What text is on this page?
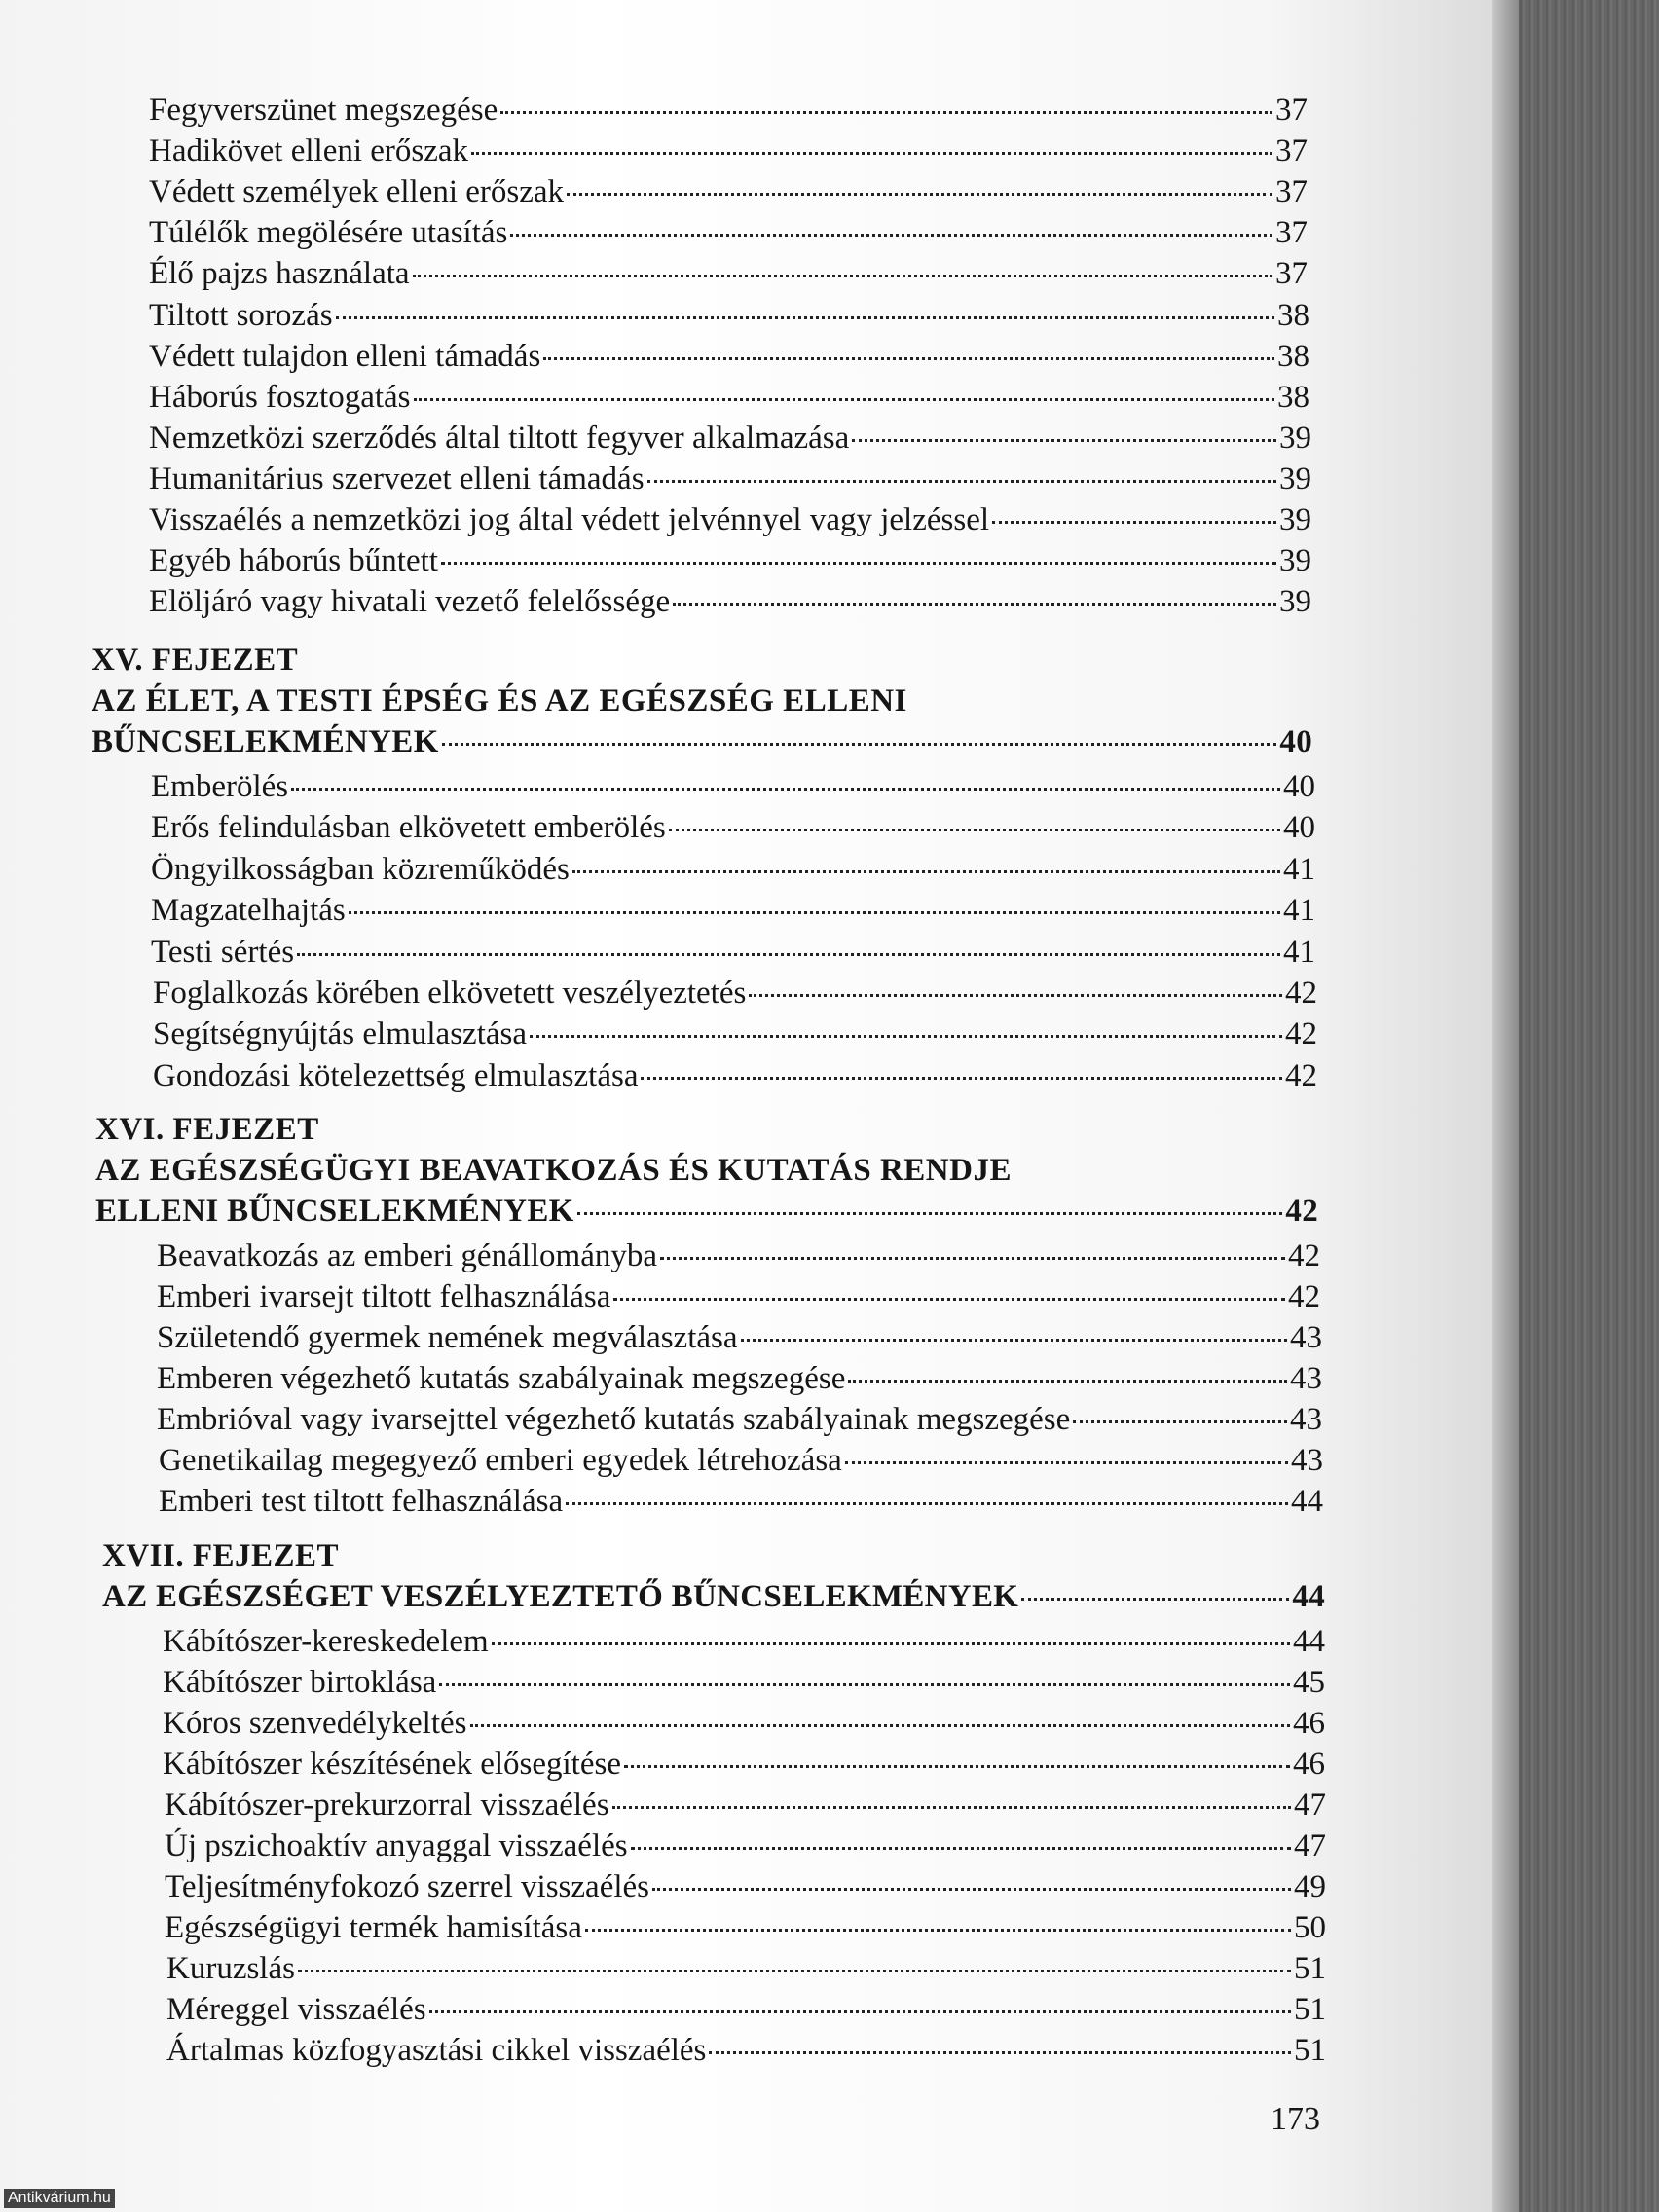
Fegyverszünet megszegése	37
Hadikövet elleni erőszak	37
Védett személyek elleni erőszak	37
Túlélők megölésére utasítás	37
Élő pajzs használata	37
Tiltott sorozás	38
Védett tulajdon elleni támadás	38
Háborús fosztogatás	38
Nemzetközi szerződés által tiltott fegyver alkalmazása	39
Humanitárius szervezet elleni támadás	39
Visszaélés a nemzetközi jog által védett jelvénnyel vagy jelzéssel	39
Egyéb háborús bűntett	39
Elöljáró vagy hivatali vezető felelőssége	39
XV. FEJEZET
AZ ÉLET, A TESTI ÉPSÉG ÉS AZ EGÉSZSÉG ELLENI
BŰNCSELEKMÉNYEK	40
Emberölés	40
Erős felindulásban elkövetett emberölés	40
Öngyilkosságban közreműködés	41
Magzatelhajtás	41
Testi sértés	41
Foglalkozás körében elkövetett veszélyeztetés	42
Segítségnyújtás elmulasztása	42
Gondozási kötelezettség elmulasztása	42
XVI. FEJEZET
AZ EGÉSZSÉGÜGYI BEAVATKOZÁS ÉS KUTATÁS RENDJE
ELLENI BŰNCSELEKMÉNYEK	42
Beavatkozás az emberi génállományba	42
Emberi ivarsejt tiltott felhasználása	42
Születendő gyermek nemének megválasztása	43
Emberen végezhető kutatás szabályainak megszegése	43
Embrióval vagy ivarsejttel végezhető kutatás szabályainak megszegése	43
Genetikailag megegyező emberi egyedek létrehozása	43
Emberi test tiltott felhasználása	44
XVII. FEJEZET
AZ EGÉSZSÉGET VESZÉLYEZTETŐ BŰNCSELEKMÉNYEK	44
Kábítószer-kereskedelem	44
Kábítószer birtoklása	45
Kóros szenvedélykeltés	46
Kábítószer készítésének elősegítése	46
Kábítószer-prekurzorral visszaélés	47
Új pszichoaktív anyaggal visszaélés	47
Teljesítményfokozó szerrel visszaélés	49
Egészségügyi termék hamisítása	50
Kuruzslás	51
Méreggel visszaélés	51
Ártalmas közfogyasztási cikkel visszaélés	51
173
Antikvárium.hu
